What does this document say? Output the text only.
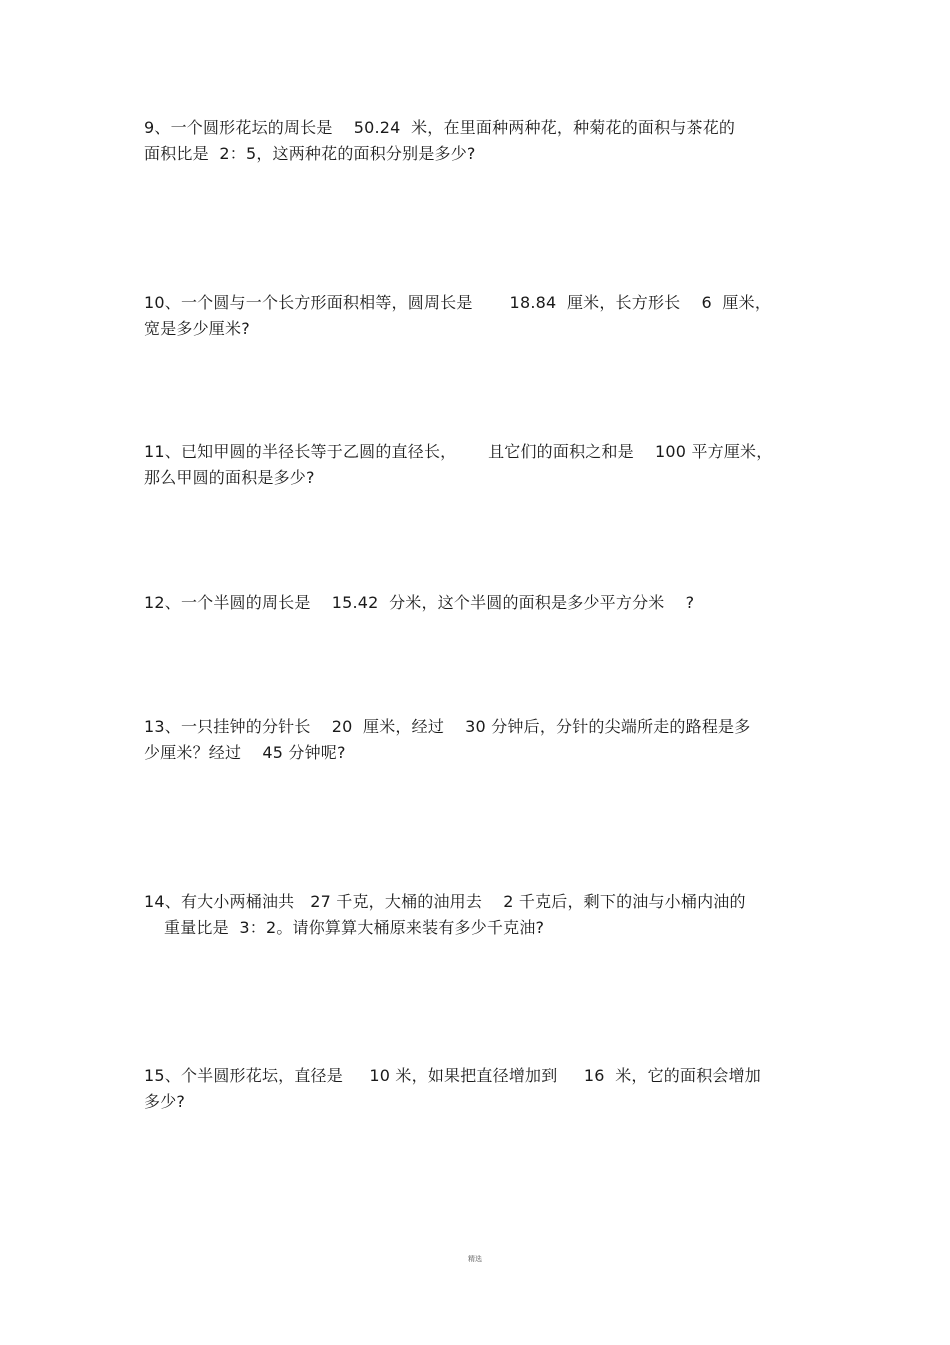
9、一个圆形花坛的周长是    50.24  米，在里面种两种花，种菊花的面积与茶花的
面积比是  2：5，这两种花的面积分别是多少?
10、一个圆与一个长方形面积相等，圆周长是       18.84  厘米，长方形长    6  厘米，
宽是多少厘米?
11、已知甲圆的半径长等于乙圆的直径长，      且它们的面积之和是    100 平方厘米，
那么甲圆的面积是多少?
12、一个半圆的周长是    15.42  分米，这个半圆的面积是多少平方分米    ?
13、一只挂钟的分针长    20  厘米，经过    30 分钟后，分针的尖端所走的路程是多
少厘米？经过    45 分钟呢?
14、有大小两桶油共   27 千克，大桶的油用去    2 千克后，剩下的油与小桶内油的
重量比是  3：2。请你算算大桶原来装有多少千克油?
15、个半圆形花坛，直径是     10 米，如果把直径增加到     16  米，它的面积会增加
多少?
精选
